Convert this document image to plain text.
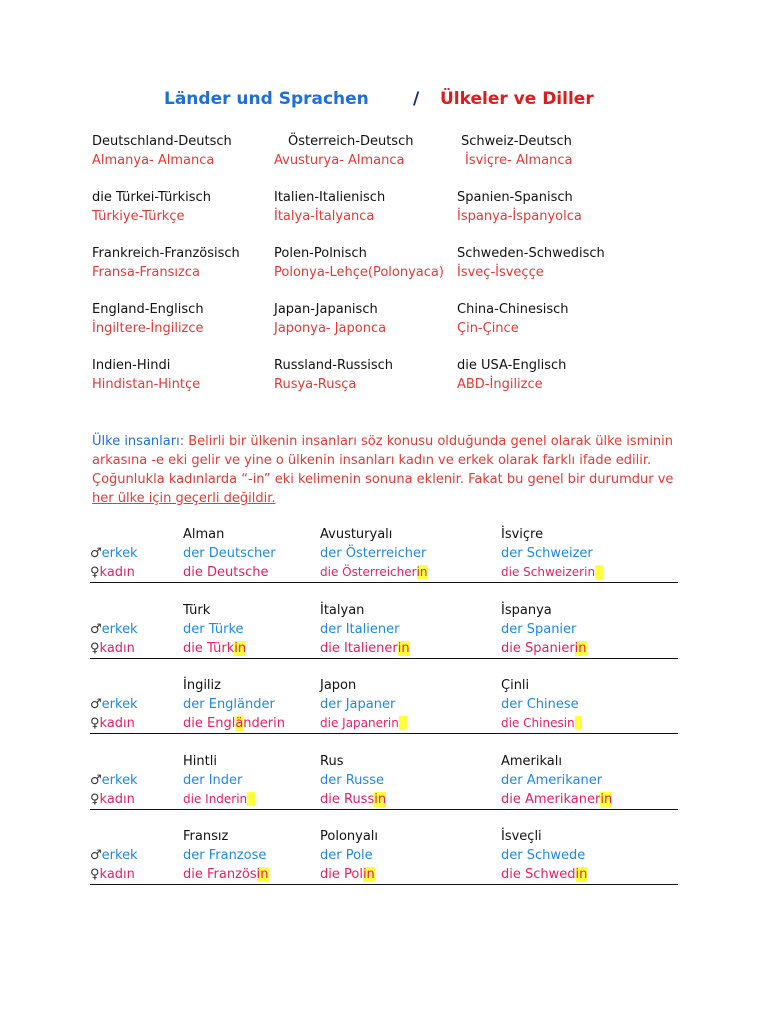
Länder und Sprachen	/ Ülkeler ve Diller
Deutschland-Deutsch
Almanya- Almanca
Österreich-Deutsch
Avusturya- Almanca
Schweiz-Deutsch
İsviçre- Almanca
die Türkei-Türkisch
Türkiye-Türkçe
Italien-Italienisch
İtalya-İtalyanca
Spanien-Spanisch
İspanya-İspanyolca
Frankreich-Französisch
Fransa-Fransızca
Polen-Polnisch
Polonya-Lehçe(Polonyaca)
Schweden-Schwedisch
İsveç-İsveçҫe
England-Englisch
İngiltere-İngilizce
Japan-Japanisch
Japonya- Japonca
China-Chinesisch
Çin-Çince
Indien-Hindi
Hindistan-Hintçe
Russland-Russisch
Rusya-Rusça
die USA-Englisch
ABD-İngilizce
Ülke insanları: Belirli bir ülkenin insanları söz konusu olduğunda genel olarak ülke isminin arkasına -e eki gelir ve yine o ülkenin insanları kadın ve erkek olarak farklı ifade edilir. Çoğunlukla kadınlarda “-in” eki kelimenin sonuna eklenir. Fakat bu genel bir durumdur ve her ülke için geçerli değildir.
♂erkek
♀kadın
Alman
der Deutscher
die Deutsche
Avusturyalı
der Österreicher
die Österreicherin
İsviçre
der Schweizer
die Schweizerin
♂erkek
♀kadın
Türk
der Türke
die Türkin
İtalyan
der Italiener
die Italienerin
İspanya
der Spanier
die Spanierin
♂erkek
♀kadın
İngiliz
der Engländer
die Engländerin
Japon
der Japaner
die Japanerin
Çinli
der Chinese
die Chinesin
♂erkek
♀kadın
Hintli
der Inder
die Inderin
Rus
der Russe
die Russin
Amerikalı
der Amerikaner
die Amerikanerin
♂erkek
♀kadın
Fransız
der Franzose
die Französin
Polonyalı
der Pole
die Polin
İsveçli
der Schwede
die Schwedin
